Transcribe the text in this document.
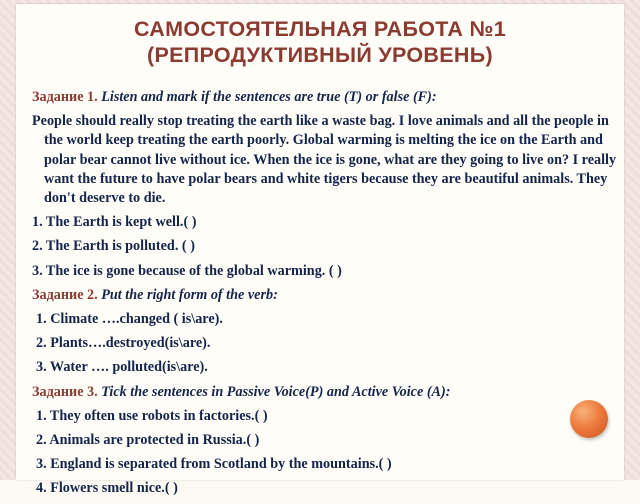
САМОСТОЯТЕЛЬНАЯ РАБОТА №1
(РЕПРОДУКТИВНЫЙ УРОВЕНЬ)

Задание 1. Listen and mark if the sentences are true (T) or false (F):

People should really stop treating the earth like a waste bag. I love animals and all the people in the world keep treating the earth poorly. Global warming is melting the ice on the Earth and polar bear cannot live without ice. When the ice is gone, what are they going to live on? I really want the future to have polar bears and white tigers because they are beautiful animals. They don't deserve to die.

1. The Earth is kept well.( )

2. The Earth is polluted. ( )

3. The ice is gone because of the global warming. ( )

Задание 2. Put the right form of the verb:

1. Climate ….changed ( is\are).

2. Plants….destroyed(is\are).

3. Water …. polluted(is\are).

Задание 3. Tick the sentences in Passive Voice(P) and Active Voice (A):

1. They often use robots in factories.( )

2. Animals are protected in Russia.( )

3. England is separated from Scotland by the mountains.( )

4. Flowers smell nice.( )
